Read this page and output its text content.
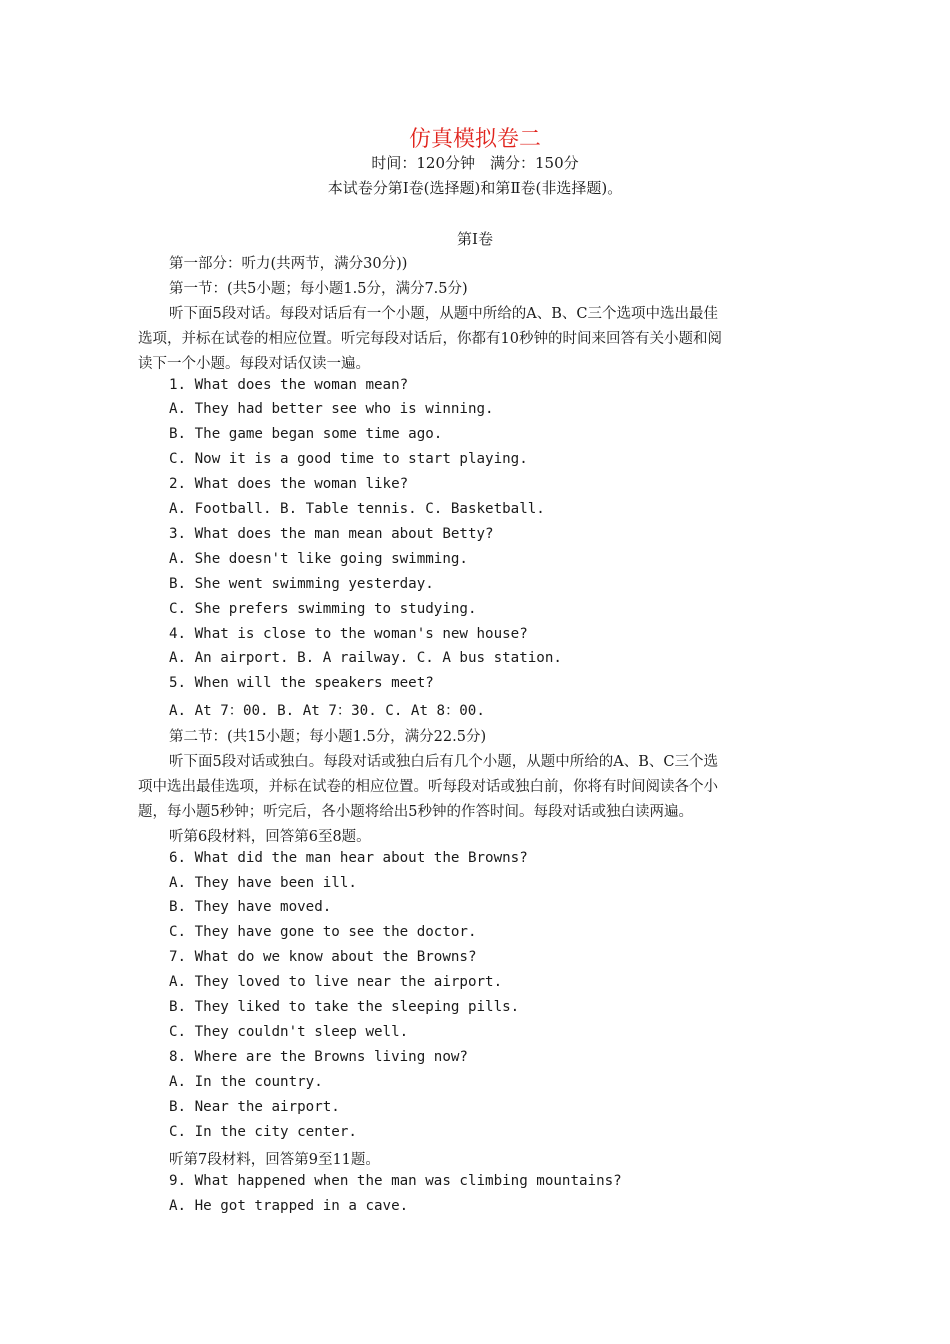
仿真模拟卷二
时间：120分钟　满分：150分
本试卷分第Ⅰ卷(选择题)和第Ⅱ卷(非选择题)。
第Ⅰ卷
第一部分：听力(共两节，满分30分))
第一节：(共5小题；每小题1.5分，满分7.5分)
听下面5段对话。每段对话后有一个小题，从题中所给的A、B、C三个选项中选出最佳
选项，并标在试卷的相应位置。听完每段对话后，你都有10秒钟的时间来回答有关小题和阅
读下一个小题。每段对话仅读一遍。
1. What does the woman mean?
A. They had better see who is winning.
B. The game began some time ago.
C. Now it is a good time to start playing.
2. What does the woman like?
A. Football. B. Table tennis. C. Basketball.
3. What does the man mean about Betty?
A. She doesn't like going swimming.
B. She went swimming yesterday.
C. She prefers swimming to studying.
4. What is close to the woman's new house?
A. An airport. B. A railway. C. A bus station.
5. When will the speakers meet?
A. At 7：00. B. At 7：30. C. At 8：00.
第二节：(共15小题；每小题1.5分，满分22.5分)
听下面5段对话或独白。每段对话或独白后有几个小题，从题中所给的A、B、C三个选
项中选出最佳选项，并标在试卷的相应位置。听每段对话或独白前，你将有时间阅读各个小
题，每小题5秒钟；听完后，各小题将给出5秒钟的作答时间。每段对话或独白读两遍。
听第6段材料，回答第6至8题。
6. What did the man hear about the Browns?
A. They have been ill.
B. They have moved.
C. They have gone to see the doctor.
7. What do we know about the Browns?
A. They loved to live near the airport.
B. They liked to take the sleeping pills.
C. They couldn't sleep well.
8. Where are the Browns living now?
A. In the country.
B. Near the airport.
C. In the city center.
听第7段材料，回答第9至11题。
9. What happened when the man was climbing mountains?
A. He got trapped in a cave.
